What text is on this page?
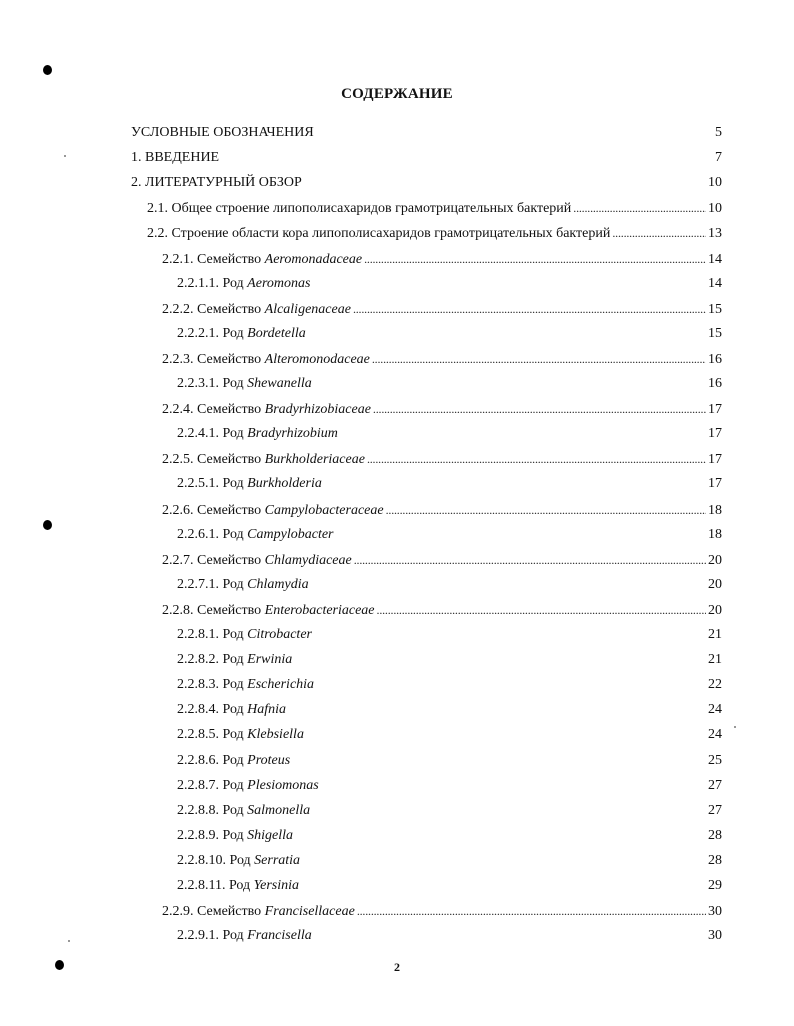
СОДЕРЖАНИЕ
УСЛОВНЫЕ ОБОЗНАЧЕНИЯ	5
1. ВВЕДЕНИЕ	7
2. ЛИТЕРАТУРНЫЙ ОБЗОР	10
2.1. Общее строение липополисахаридов грамотрицательных бактерий . . .	10
2.2. Строение области кора липополисахаридов грамотрицательных бактерий . . .	13
2.2.1. Семейство Aeromonadaceae . . .	14
2.2.1.1. Род Aeromonas	14
2.2.2. Семейство Alcaligenaceae . . .	15
2.2.2.1. Род Bordetella	15
2.2.3. Семейство Alteromonodaceae . . .	16
2.2.3.1. Род Shewanella	16
2.2.4. Семейство Bradyrhizobiaceae . . .	17
2.2.4.1. Род Bradyrhizobium	17
2.2.5. Семейство Burkholderiaceae . . .	17
2.2.5.1. Род Burkholderia	17
2.2.6. Семейство Campylobacteraceae . . .	18
2.2.6.1. Род Campylobacter	18
2.2.7. Семейство Chlamydiaceae . . .	20
2.2.7.1. Род Chlamydia	20
2.2.8. Семейство Enterobacteriaceae . . .	20
2.2.8.1. Род Citrobacter	21
2.2.8.2. Род Erwinia	21
2.2.8.3. Род Escherichia	22
2.2.8.4. Род Hafnia	24
2.2.8.5. Род Klebsiella	24
2.2.8.6. Род Proteus	25
2.2.8.7. Род Plesiomonas	27
2.2.8.8. Род Salmonella	27
2.2.8.9. Род Shigella	28
2.2.8.10. Род Serratia	28
2.2.8.11. Род Yersinia	29
2.2.9. Семейство Francisellaceae . . .	30
2.2.9.1. Род Francisella	30
2
